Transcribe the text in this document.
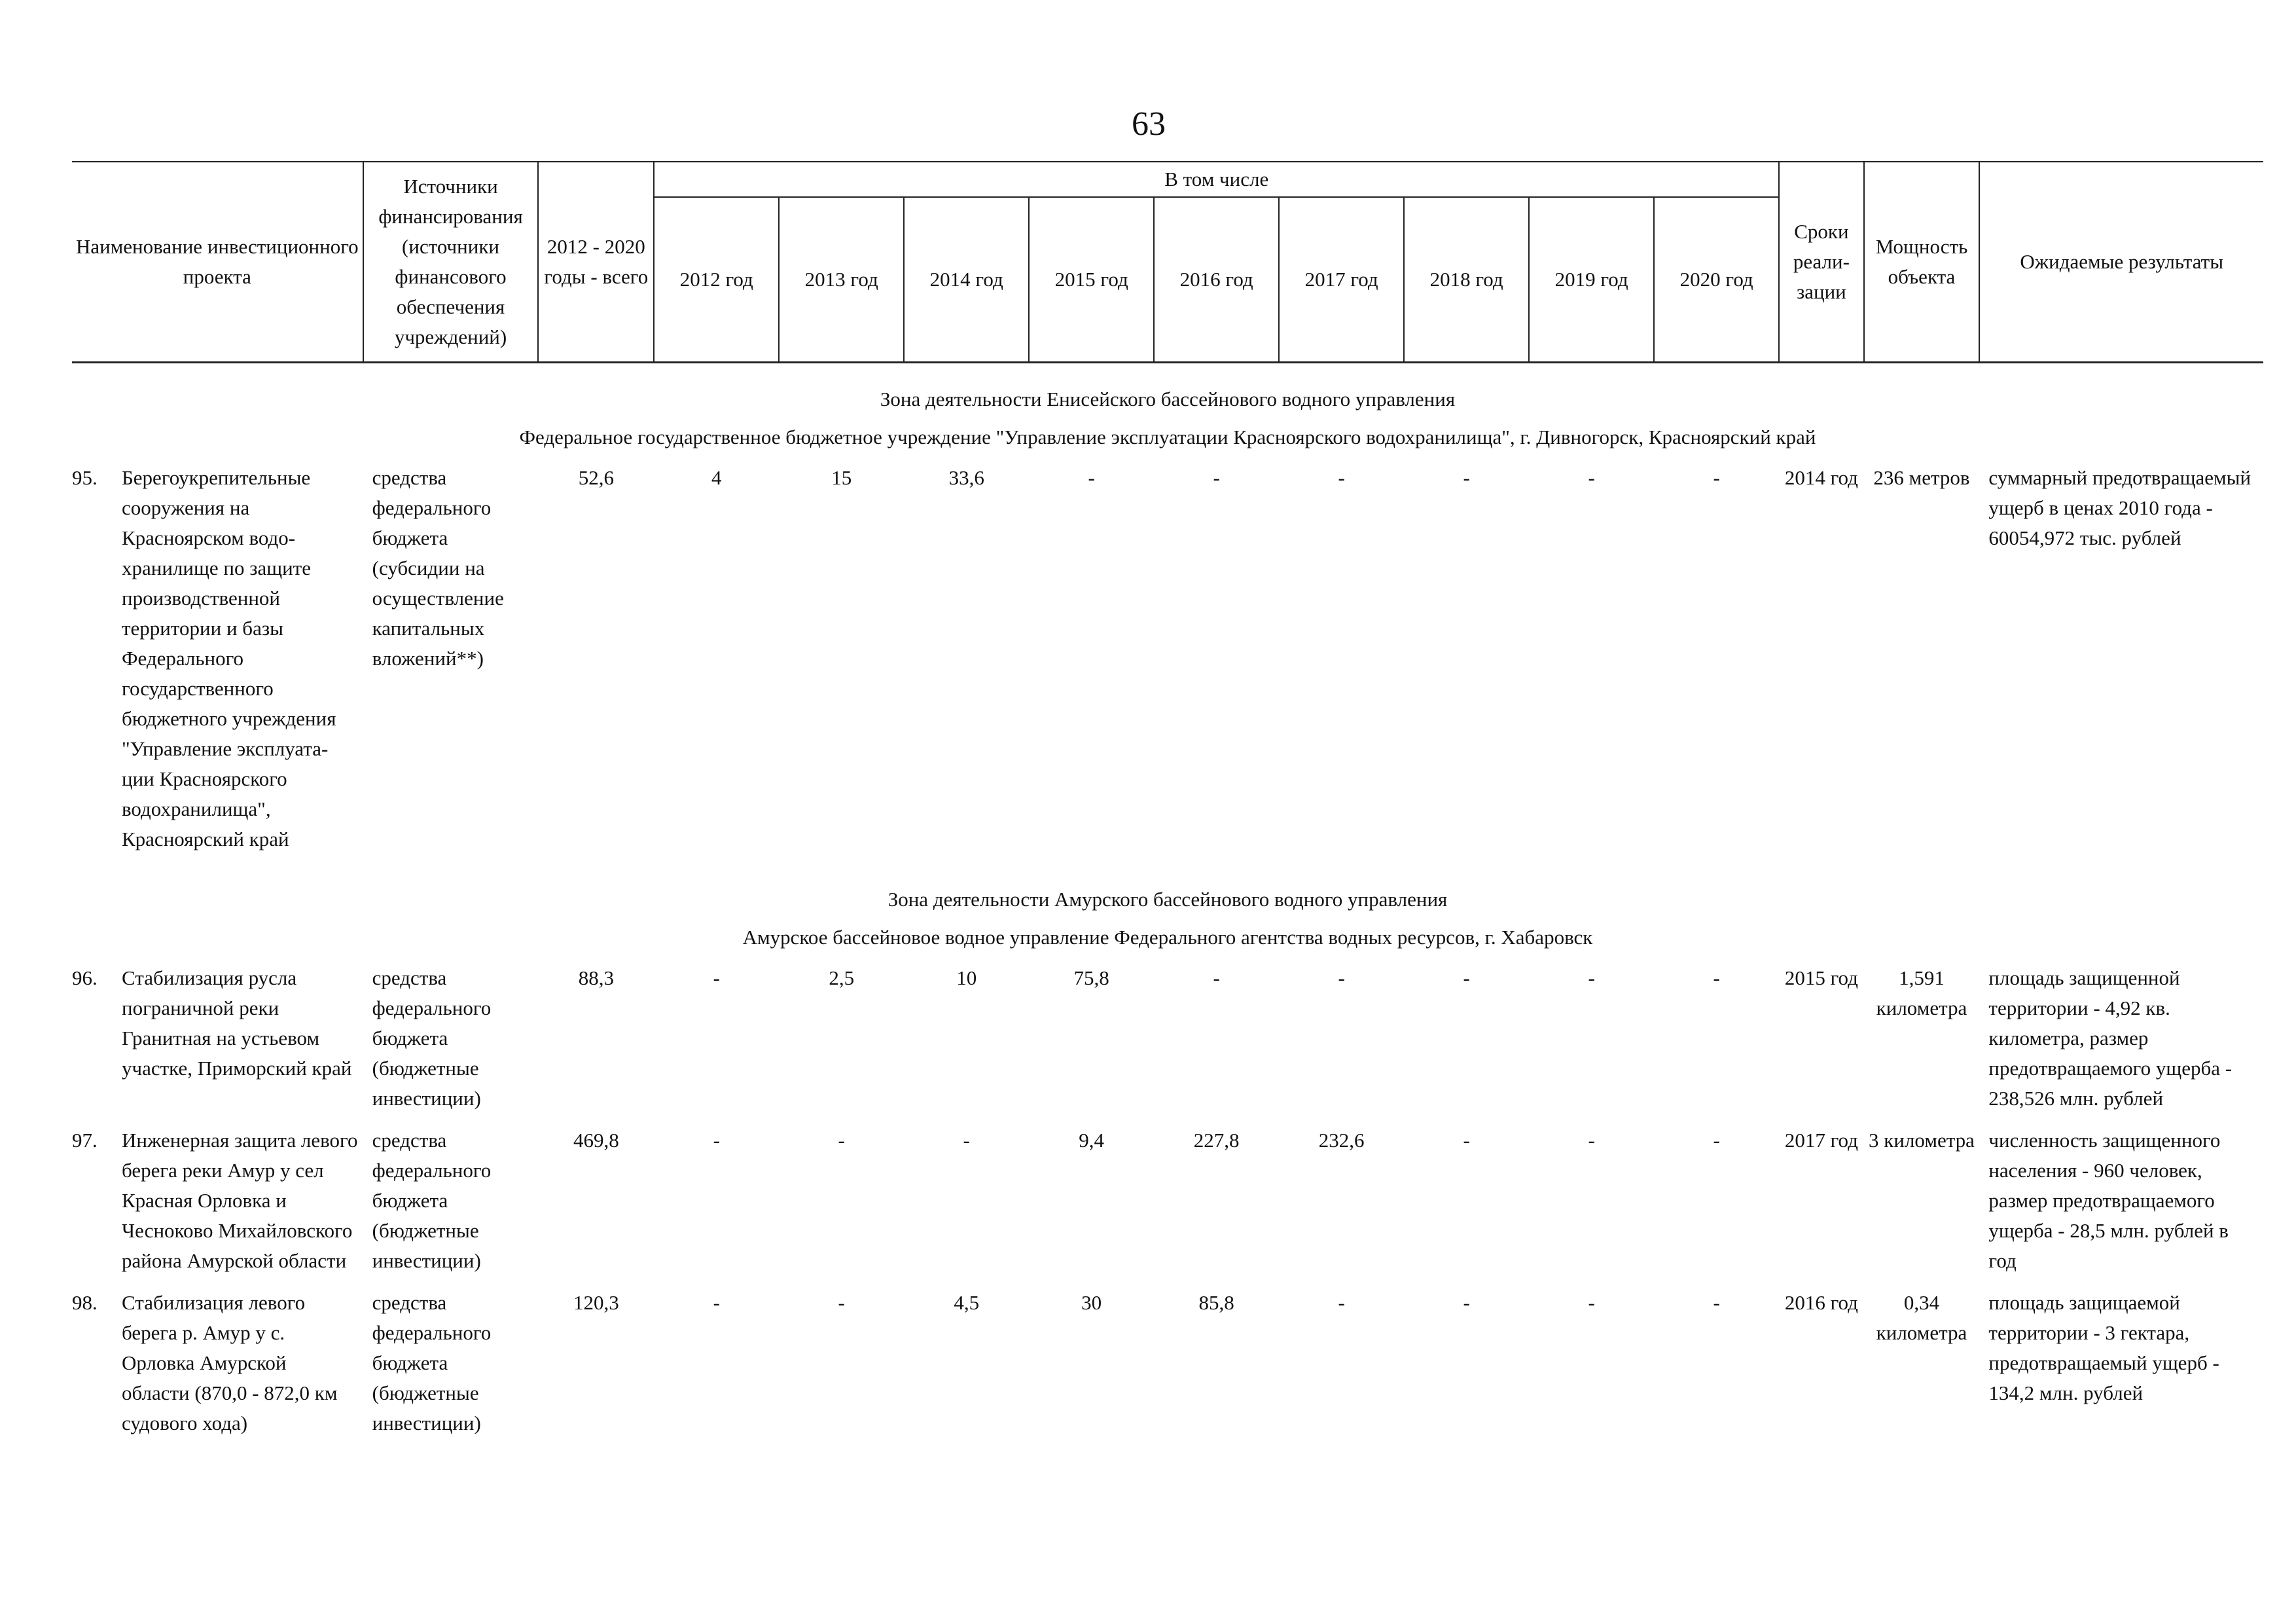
63
Наименование инвестиционного проекта	Источники финансирования (источники финансового обеспечения учреждений)	2012 - 2020 годы - всего	В том числе									Сроки реали-зации	Мощность объекта	Ожидаемые результаты
			2012 год	2013 год	2014 год	2015 год	2016 год	2017 год	2018 год	2019 год	2020 год			
Зона деятельности Енисейского бассейнового водного управления														
Федеральное государственное бюджетное учреждение "Управление эксплуатации Красноярского водохранилища", г. Дивногорск, Красноярский край														

95. Берегоукрепительные сооружения на Красноярском водо-хранилище по защите производственной территории и базы Федерального государственного бюджетного учреждения "Управление эксплуата-ции Красноярского водохранилища", Красноярский край	средства федерального бюджета (субсидии на осуществление капитальных вложений**)	52,6	4	15	33,6	-	-	-	-	-	-	2014 год	236 метров	суммарный предотвращаемый ущерб в ценах 2010 года - 60054,972 тыс. рублей
Зона деятельности Амурского бассейнового водного управления														
Амурское бассейновое водное управление Федерального агентства водных ресурсов, г. Хабаровск														

96. Стабилизация русла пограничной реки Гранитная на устьевом участке, Приморский край	средства федерального бюджета (бюджетные инвестиции)	88,3	-	2,5	10	75,8	-	-	-	-	-	2015 год	1,591 километра	площадь защищенной территории - 4,92 кв. километра, размер предотвращаемого ущерба - 238,526 млн. рублей

97. Инженерная защита левого берега реки Амур у сел Красная Орловка и Чесноково Михайловского района Амурской области	средства федерального бюджета (бюджетные инвестиции)	469,8	-	-	-	9,4	227,8	232,6	-	-	-	2017 год	3 километра	численность защищенного населения - 960 человек, размер предотвращаемого ущерба - 28,5 млн. рублей в год

98. Стабилизация левого берега р. Амур у с. Орловка Амурской области (870,0 - 872,0 км судового хода)	средства федерального бюджета (бюджетные инвестиции)	120,3	-	-	4,5	30	85,8	-	-	-	-	2016 год	0,34 километра	площадь защищаемой территории - 3 гектара, предотвращаемый ущерб - 134,2 млн. рублей
